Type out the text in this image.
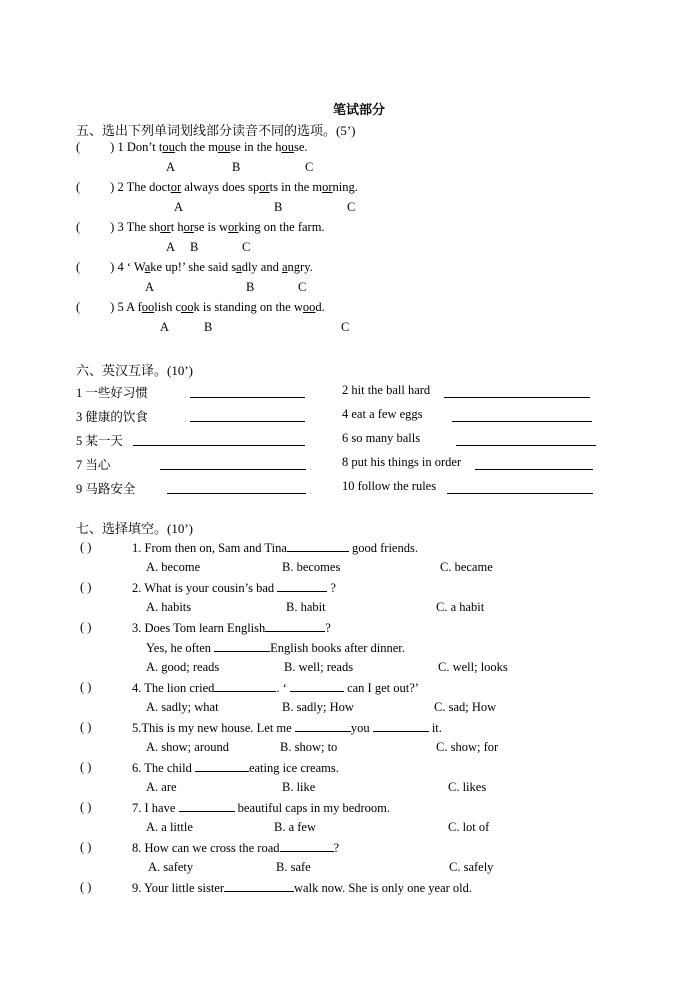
笔试部分
五、选出下列单词划线部分读音不同的选项。(5’)
( ) 1 Don’t touch the mouse in the house.
A	B	C
( ) 2 The doctor always does sports in the morning.
A	B	C
( ) 3 The short horse is working on the farm.
A B	C
( ) 4 ‘ Wake up!’ she said sadly and angry.
A	B	C
( ) 5 A foolish cook is standing on the wood.
A	B	C
六、英汉互译。(10’)
1 一些好习惯	2 hit the ball hard
3 健康的饮食	4 eat a few eggs
5 某一天	6 so many balls
7 当心	8 put his things in order
9 马路安全	10 follow the rules
七、选择填空。(10’)
( )	1. From then on, Sam and Tina	good friends.
A. become	B. becomes	C. became
( )	2. What is your cousin’s bad	?
A. habits	B. habit	C. a habit
( )	3. Does Tom learn English	?
Yes, he often	English books after dinner.
A. good; reads	B. well; reads	C. well; looks
( )	4. The lion cried	. ‘	can I get out?’
A. sadly; what	B. sadly; How	C. sad; How
( )	5.This is my new house. Let me	you	it.
A. show; around	B. show; to	C. show; for
( )	6. The child	eating ice creams.
A. are	B. like	C. likes
( )	7. I have	beautiful caps in my bedroom.
A. a little	B. a few	C. lot of
( )	8. How can we cross the road	?
A. safety	B. safe	C. safely
( )	9. Your little sister	walk now. She is only one year old.
